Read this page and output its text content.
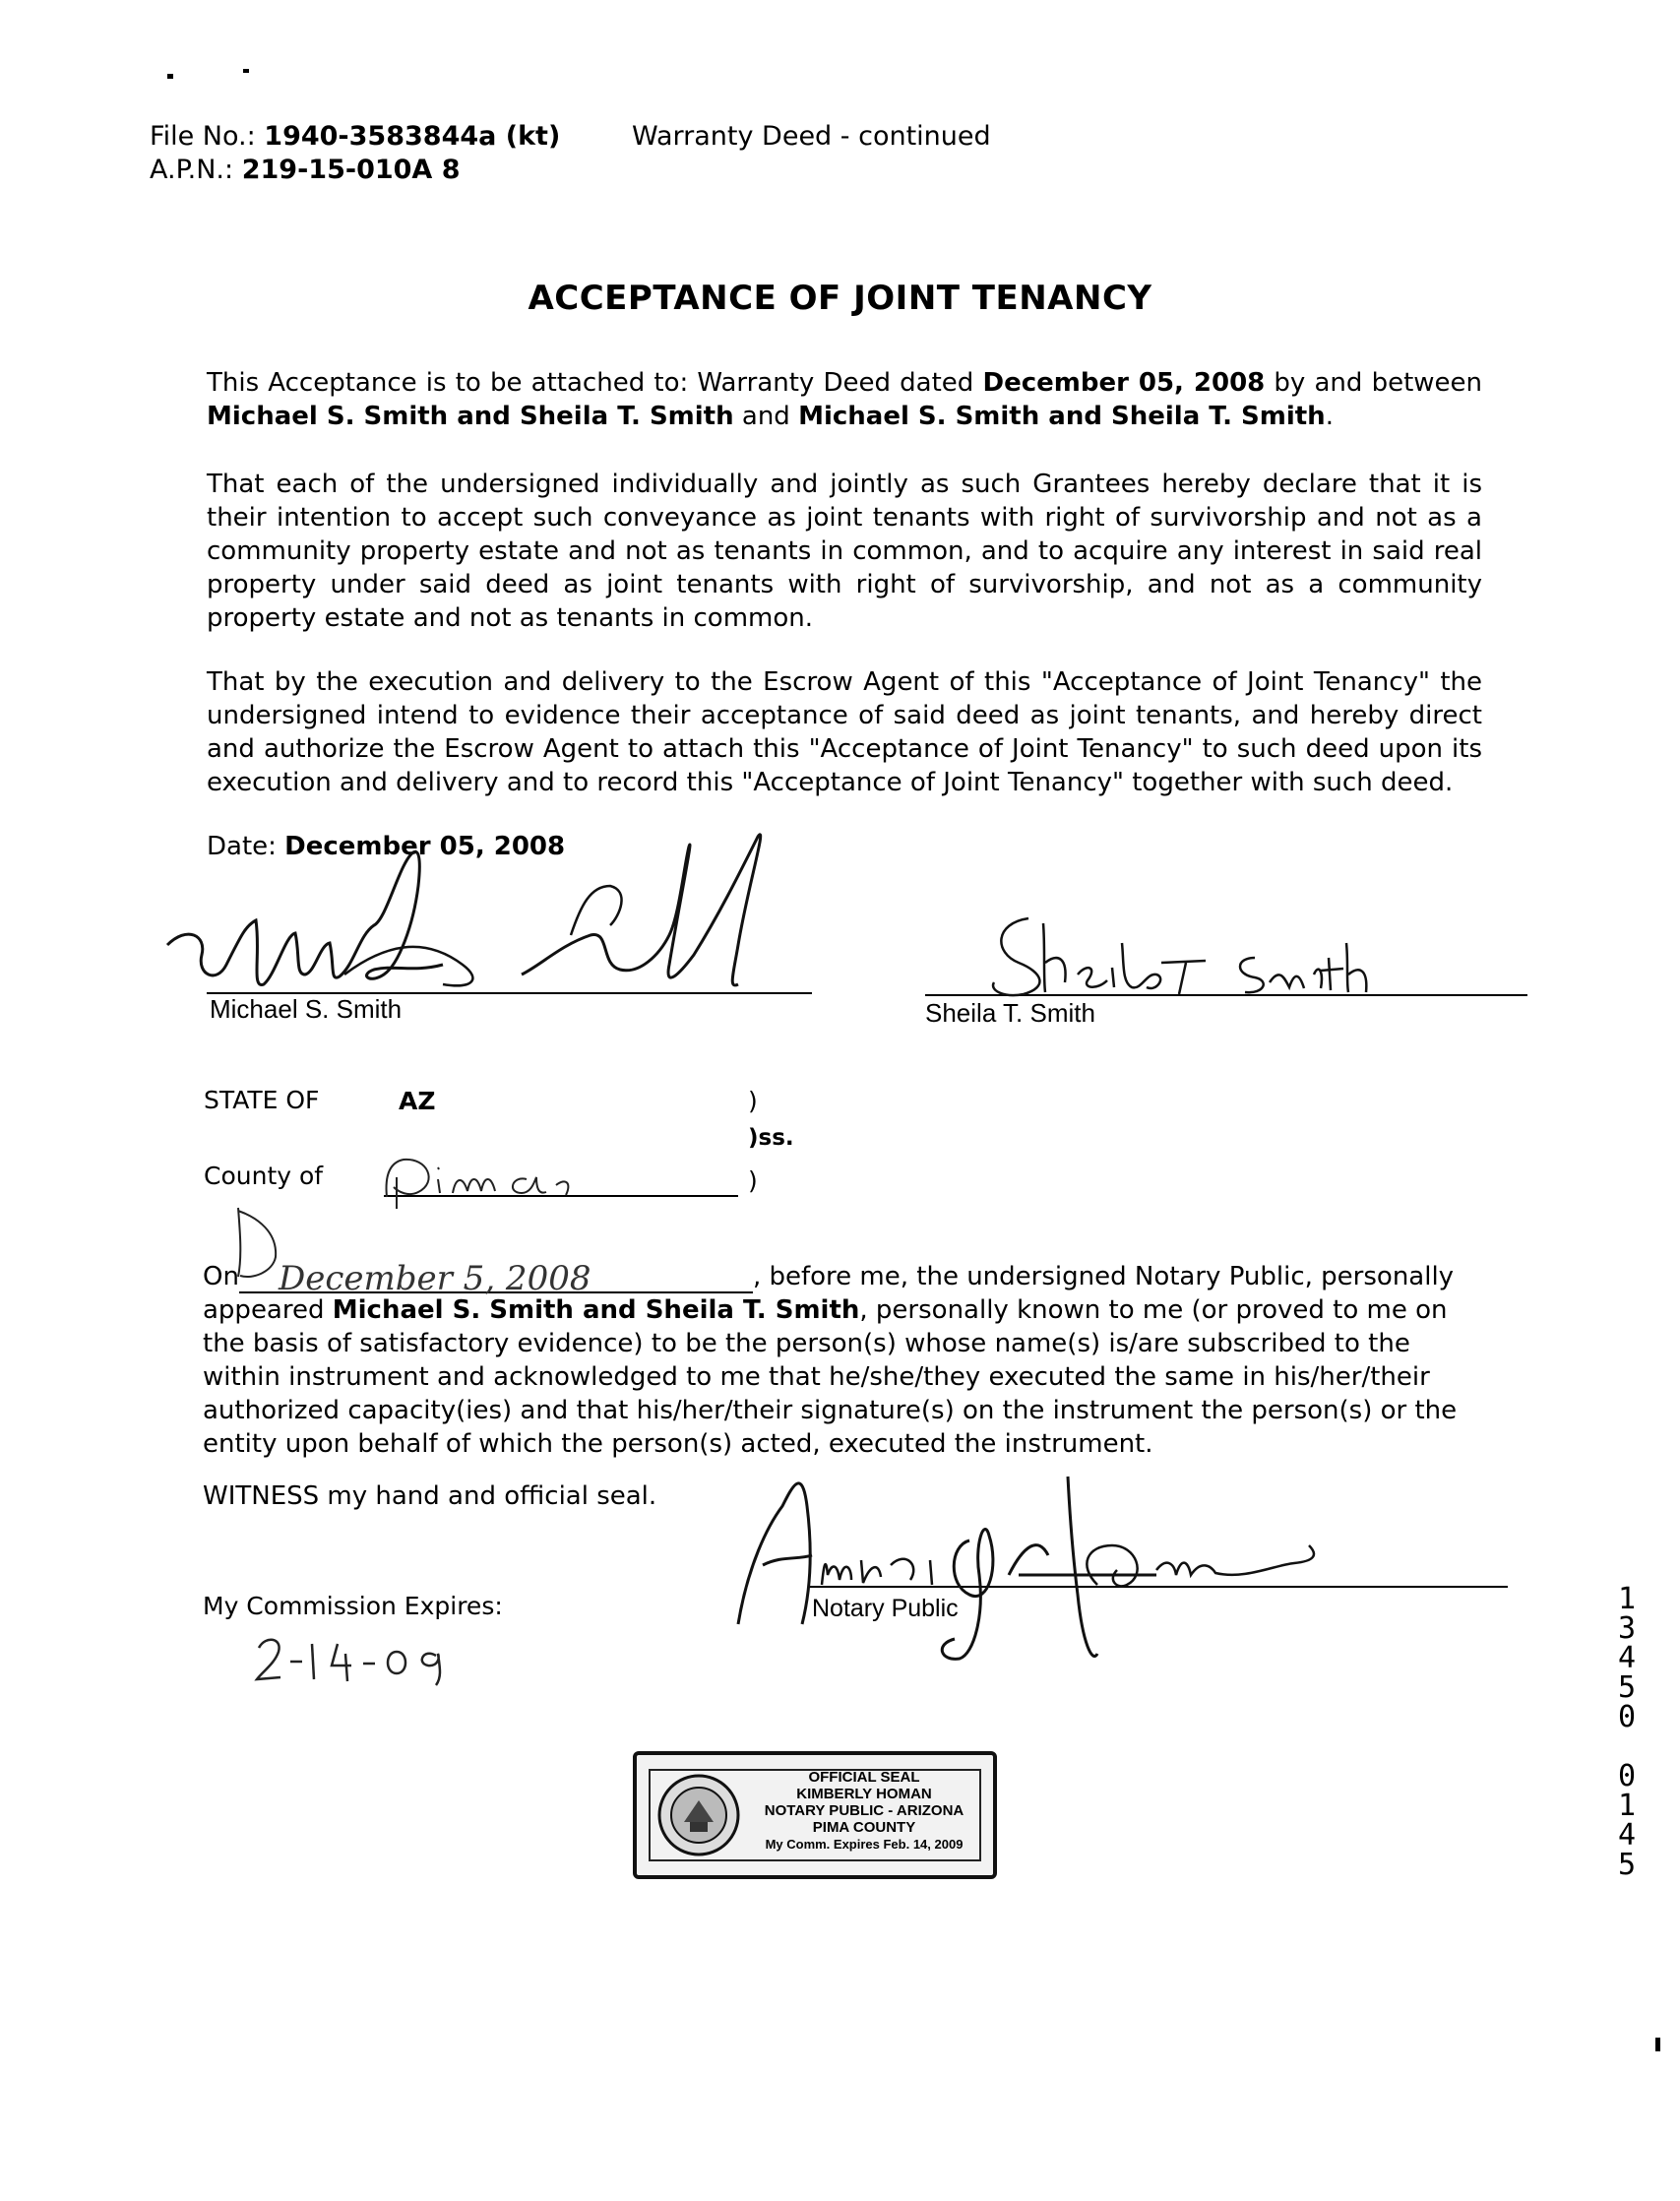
File No.: 1940-3583844a (kt)
A.P.N.: 219-15-010A 8
Warranty Deed - continued
ACCEPTANCE OF JOINT TENANCY
This Acceptance is to be attached to: Warranty Deed dated December 05, 2008 by and between Michael S. Smith and Sheila T. Smith and Michael S. Smith and Sheila T. Smith.
That each of the undersigned individually and jointly as such Grantees hereby declare that it is their intention to accept such conveyance as joint tenants with right of survivorship and not as a community property estate and not as tenants in common, and to acquire any interest in said real property under said deed as joint tenants with right of survivorship, and not as a community property estate and not as tenants in common.
That by the execution and delivery to the Escrow Agent of this "Acceptance of Joint Tenancy" the undersigned intend to evidence their acceptance of said deed as joint tenants, and hereby direct and authorize the Escrow Agent to attach this "Acceptance of Joint Tenancy" to such deed upon its execution and delivery and to record this "Acceptance of Joint Tenancy" together with such deed.
Date: December 05, 2008
Michael S. Smith	Sheila T. Smith
STATE OF	AZ	)
)ss.
County of	)
On December 5, 2008	, before me, the undersigned Notary Public, personally appeared Michael S. Smith and Sheila T. Smith, personally known to me (or proved to me on the basis of satisfactory evidence) to be the person(s) whose name(s) is/are subscribed to the within instrument and acknowledged to me that he/she/they executed the same in his/her/their authorized capacity(ies) and that his/her/their signature(s) on the instrument the person(s) or the entity upon behalf of which the person(s) acted, executed the instrument.
WITNESS my hand and official seal.
Notary Public
My Commission Expires:
OFFICIAL SEAL
KIMBERLY HOMAN
NOTARY PUBLIC - ARIZONA
PIMA COUNTY
My Comm. Expires Feb. 14, 2009
1
3
4
5
0

0
1
4
5
